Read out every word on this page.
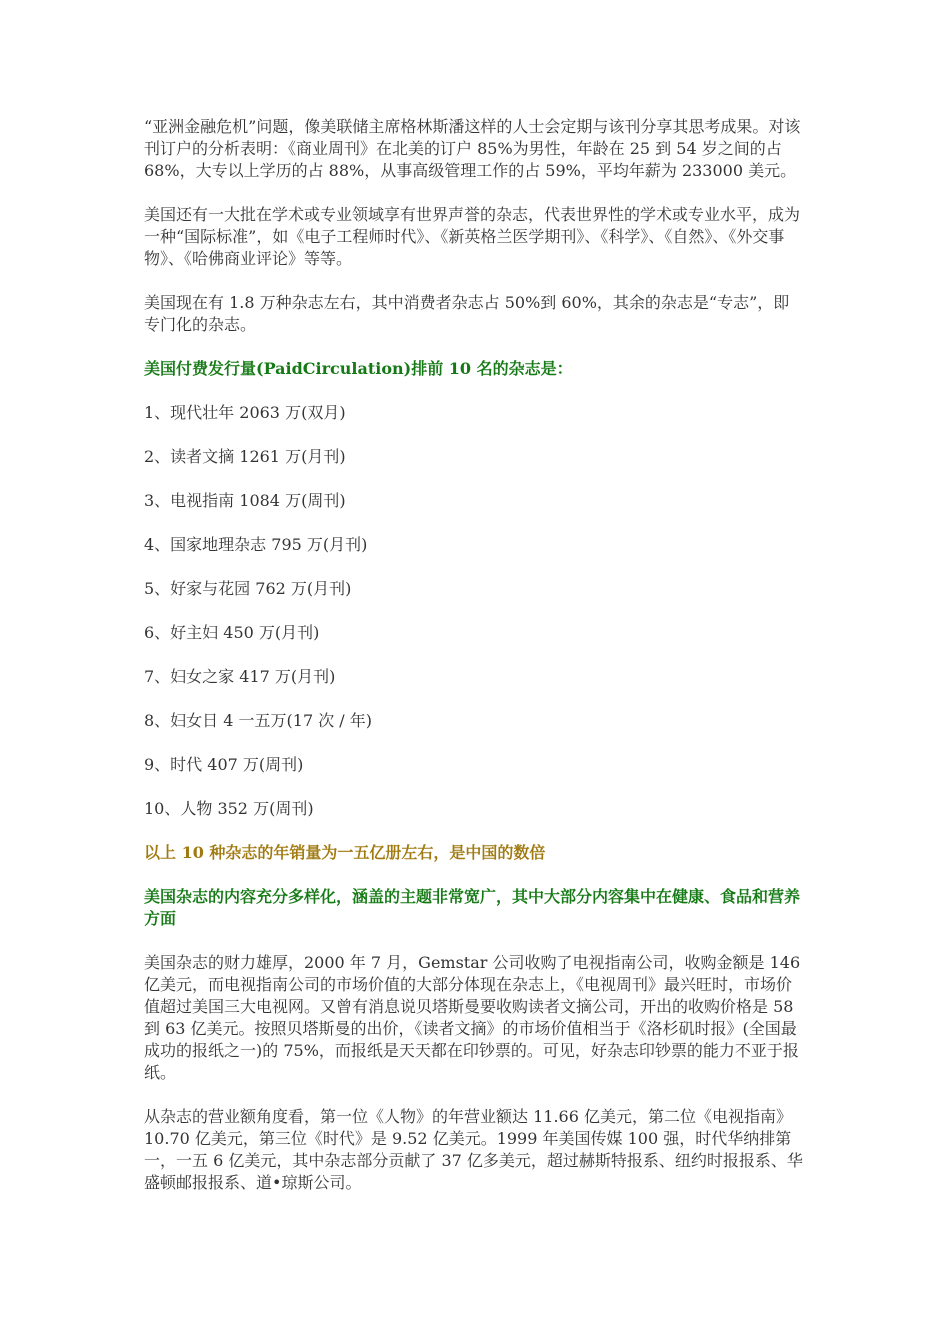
“亚洲金融危机”问题，像美联储主席格林斯潘这样的人士会定期与该刊分享其思考成果。对该刊订户的分析表明：《商业周刊》在北美的订户 85%为男性，年龄在 25 到 54 岁之间的占 68%，大专以上学历的占 88%，从事高级管理工作的占 59%，平均年薪为 233000 美元。

美国还有一大批在学术或专业领域享有世界声誉的杂志，代表世界性的学术或专业水平，成为一种“国际标准”，如《电子工程师时代》、《新英格兰医学期刊》、《科学》、《自然》、《外交事物》、《哈佛商业评论》等等。

美国现在有 1.8 万种杂志左右，其中消费者杂志占 50%到 60%，其余的杂志是“专志”，即专门化的杂志。

美国付费发行量(PaidCirculation)排前 10 名的杂志是：

1、现代壮年 2063 万(双月)

2、读者文摘 1261 万(月刊)

3、电视指南 1084 万(周刊)

4、国家地理杂志 795 万(月刊)

5、好家与花园 762 万(月刊)

6、好主妇 450 万(月刊)

7、妇女之家 417 万(月刊)

8、妇女日 4 一五万(17 次 / 年)

9、时代 407 万(周刊)

10、人物 352 万(周刊)

以上 10 种杂志的年销量为一五亿册左右，是中国的数倍

美国杂志的内容充分多样化，涵盖的主题非常宽广，其中大部分内容集中在健康、食品和营养方面

美国杂志的财力雄厚，2000 年 7 月，Gemstar 公司收购了电视指南公司，收购金额是 146 亿美元，而电视指南公司的市场价值的大部分体现在杂志上，《电视周刊》最兴旺时，市场价值超过美国三大电视网。又曾有消息说贝塔斯曼要收购读者文摘公司，开出的收购价格是 58 到 63 亿美元。按照贝塔斯曼的出价，《读者文摘》的市场价值相当于《洛杉矶时报》(全国最成功的报纸之一)的 75%，而报纸是天天都在印钞票的。可见，好杂志印钞票的能力不亚于报纸。

从杂志的营业额角度看，第一位《人物》的年营业额达 11.66 亿美元，第二位《电视指南》10.70 亿美元，第三位《时代》是 9.52 亿美元。1999 年美国传媒 100 强，时代华纳排第一，一五 6 亿美元，其中杂志部分贡献了 37 亿多美元，超过赫斯特报系、纽约时报报系、华盛顿邮报报系、道•琼斯公司。
